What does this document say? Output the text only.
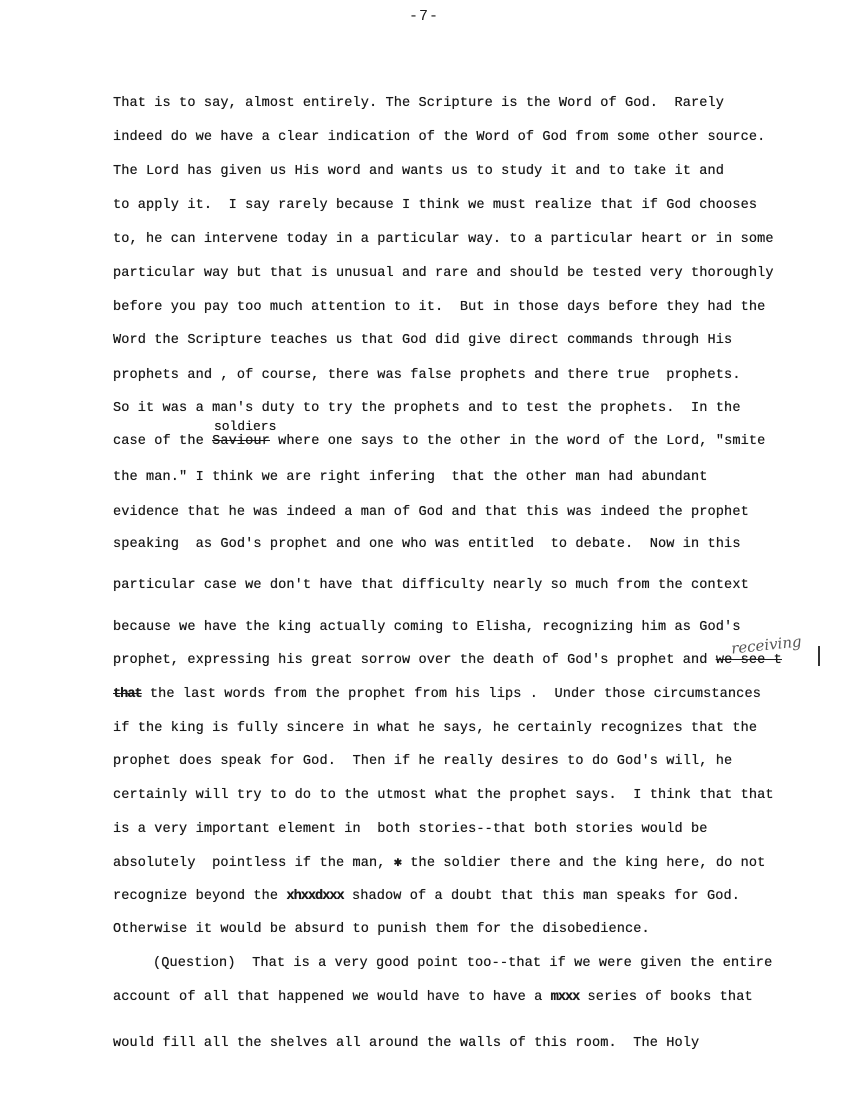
-7-
That is to say, almost entirely. The Scripture is the Word of God.  Rarely
indeed do we have a clear indication of the Word of God from some other source.
The Lord has given us His word and wants us to study it and to take it and
to apply it.  I say rarely because I think we must realize that if God chooses
to, he can intervene today in a particular way. to a particular heart or in some
particular way but that is unusual and rare and should be tested very thoroughly
before you pay too much attention to it.  But in those days before they had the
Word the Scripture teaches us that God did give direct commands through His
prophets and , of course, there was false prophets and there true  prophets.
So it was a man's duty to try the prophets and to test the prophets.  In the
soldiers
case of the Saviour where one says to the other in the word of the Lord, "smite
the man." I think we are right infering  that the other man had abundant
evidence that he was indeed a man of God and that this was indeed the prophet
speaking  as God's prophet and one who was entitled  to debate.  Now in this
particular case we don't have that difficulty nearly so much from the context
because we have the king actually coming to Elisha, recognizing him as God's
receiving
prophet, expressing his great sorrow over the death of God's prophet and we see t
that the last words from the prophet from his lips .  Under those circumstances
if the king is fully sincere in what he says, he certainly recognizes that the
prophet does speak for God.  Then if he really desires to do God's will, he
certainly will try to do to the utmost what the prophet says.  I think that that
is a very important element in  both stories--that both stories would be
absolutely  pointless if the man, ✱ the soldier there and the king here, do not
recognize beyond the xhxxdxxx shadow of a doubt that this man speaks for God.
Otherwise it would be absurd to punish them for the disobedience.
(Question)  That is a very good point too--that if we were given the entire
account of all that happened we would have to have a mxxx series of books that
would fill all the shelves all around the walls of this room.  The Holy
